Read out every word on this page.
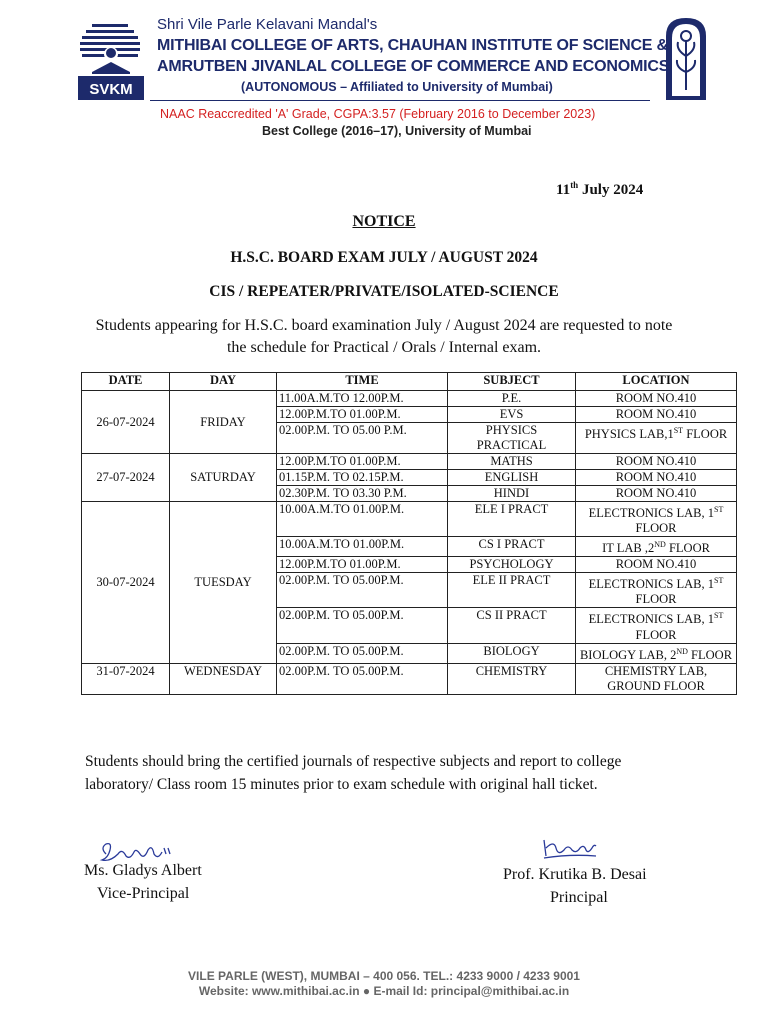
SVKM
Shri Vile Parle Kelavani Mandal's
MITHIBAI COLLEGE OF ARTS, CHAUHAN INSTITUTE OF SCIENCE &
AMRUTBEN JIVANLAL COLLEGE OF COMMERCE AND ECONOMICS
(AUTONOMOUS – Affiliated to University of Mumbai)
NAAC Reaccredited 'A' Grade, CGPA:3.57 (February 2016 to December 2023)
Best College (2016–17), University of Mumbai
11th July 2024
NOTICE
H.S.C. BOARD EXAM JULY / AUGUST 2024
CIS / REPEATER/PRIVATE/ISOLATED-SCIENCE
Students appearing for H.S.C. board examination July / August 2024 are requested to note the schedule for Practical / Orals / Internal exam.
DATE	DAY	TIME	SUBJECT	LOCATION
26-07-2024	FRIDAY	11.00A.M.TO 12.00P.M.	P.E.	ROOM NO.410
		12.00P.M.TO 01.00P.M.	EVS	ROOM NO.410
		02.00P.M. TO 05.00 P.M.	PHYSICS PRACTICAL	PHYSICS LAB,1ST FLOOR
27-07-2024	SATURDAY	12.00P.M.TO 01.00P.M.	MATHS	ROOM NO.410
		01.15P.M. TO 02.15P.M.	ENGLISH	ROOM NO.410
		02.30P.M. TO 03.30 P.M.	HINDI	ROOM NO.410
30-07-2024	TUESDAY	10.00A.M.TO 01.00P.M.	ELE I PRACT	ELECTRONICS LAB, 1ST FLOOR
		10.00A.M.TO 01.00P.M.	CS I PRACT	IT LAB ,2ND FLOOR
		12.00P.M.TO 01.00P.M.	PSYCHOLOGY	ROOM NO.410
		02.00P.M. TO 05.00P.M.	ELE II PRACT	ELECTRONICS LAB, 1ST FLOOR
		02.00P.M. TO 05.00P.M.	CS II PRACT	ELECTRONICS LAB, 1ST FLOOR
		02.00P.M. TO 05.00P.M.	BIOLOGY	BIOLOGY LAB, 2ND FLOOR
31-07-2024	WEDNESDAY	02.00P.M. TO 05.00P.M.	CHEMISTRY	CHEMISTRY LAB, GROUND FLOOR
Students should bring the certified journals of respective subjects and report to college laboratory/ Class room 15 minutes prior to exam schedule with original hall ticket.
Ms. Gladys Albert
Vice-Principal
Prof. Krutika B. Desai
Principal
VILE PARLE (WEST), MUMBAI – 400 056. TEL.: 4233 9000 / 4233 9001
Website: www.mithibai.ac.in ● E-mail Id: principal@mithibai.ac.in
